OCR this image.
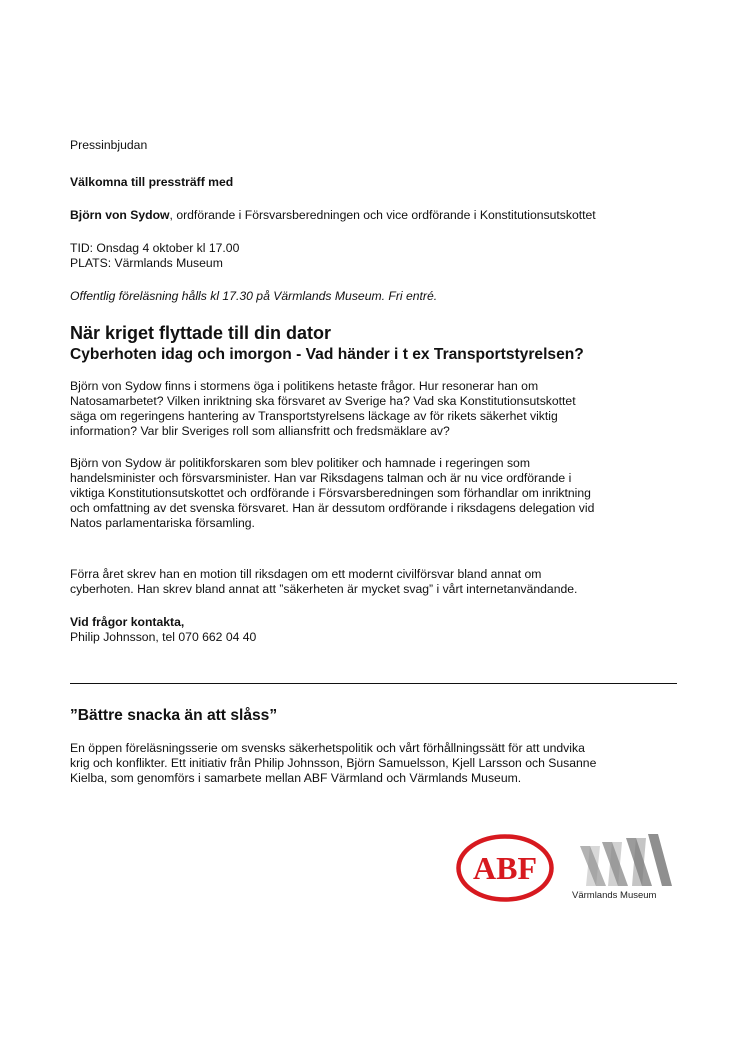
Pressinbjudan

Välkomna till pressträff med

Björn von Sydow, ordförande i Försvarsberedningen och vice ordförande i Konstitutionsutskottet

TID: Onsdag 4 oktober kl 17.00

PLATS: Värmlands Museum

Offentlig föreläsning hålls kl 17.30 på Värmlands Museum. Fri entré.

När kriget flyttade till din dator
Cyberhoten idag och imorgon - Vad händer i t ex Transportstyrelsen?
Björn von Sydow finns i stormens öga i politikens hetaste frågor. Hur resonerar han om
Natosamarbetet? Vilken inriktning ska försvaret av Sverige ha? Vad ska Konstitutionsutskottet
säga om regeringens hantering av Transportstyrelsens läckage av för rikets säkerhet viktig
information? Var blir Sveriges roll som alliansfritt och fredsmäklare av?
Björn von Sydow är politikforskaren som blev politiker och hamnade i regeringen som
handelsminister och försvarsminister. Han var Riksdagens talman och är nu vice ordförande i
viktiga Konstitutionsutskottet och ordförande i Försvarsberedningen som förhandlar om inriktning
och omfattning av det svenska försvaret. Han är dessutom ordförande i riksdagens delegation vid
Natos parlamentariska församling.
Förra året skrev han en motion till riksdagen om ett modernt civilförsvar bland annat om
cyberhoten. Han skrev bland annat att ”säkerheten är mycket svag” i vårt internetanvändande.

Vid frågor kontakta,

Philip Johnsson, tel 070 662 04 40

”Bättre snacka än att slåss”
En öppen föreläsningsserie om svensks säkerhetspolitik och vårt förhållningssätt för att undvika
krig och konflikter. Ett initiativ från Philip Johnsson, Björn Samuelsson, Kjell Larsson och Susanne
Kielba, som genomförs i samarbete mellan ABF Värmland och Värmlands Museum.
ABF
Värmlands Museum
